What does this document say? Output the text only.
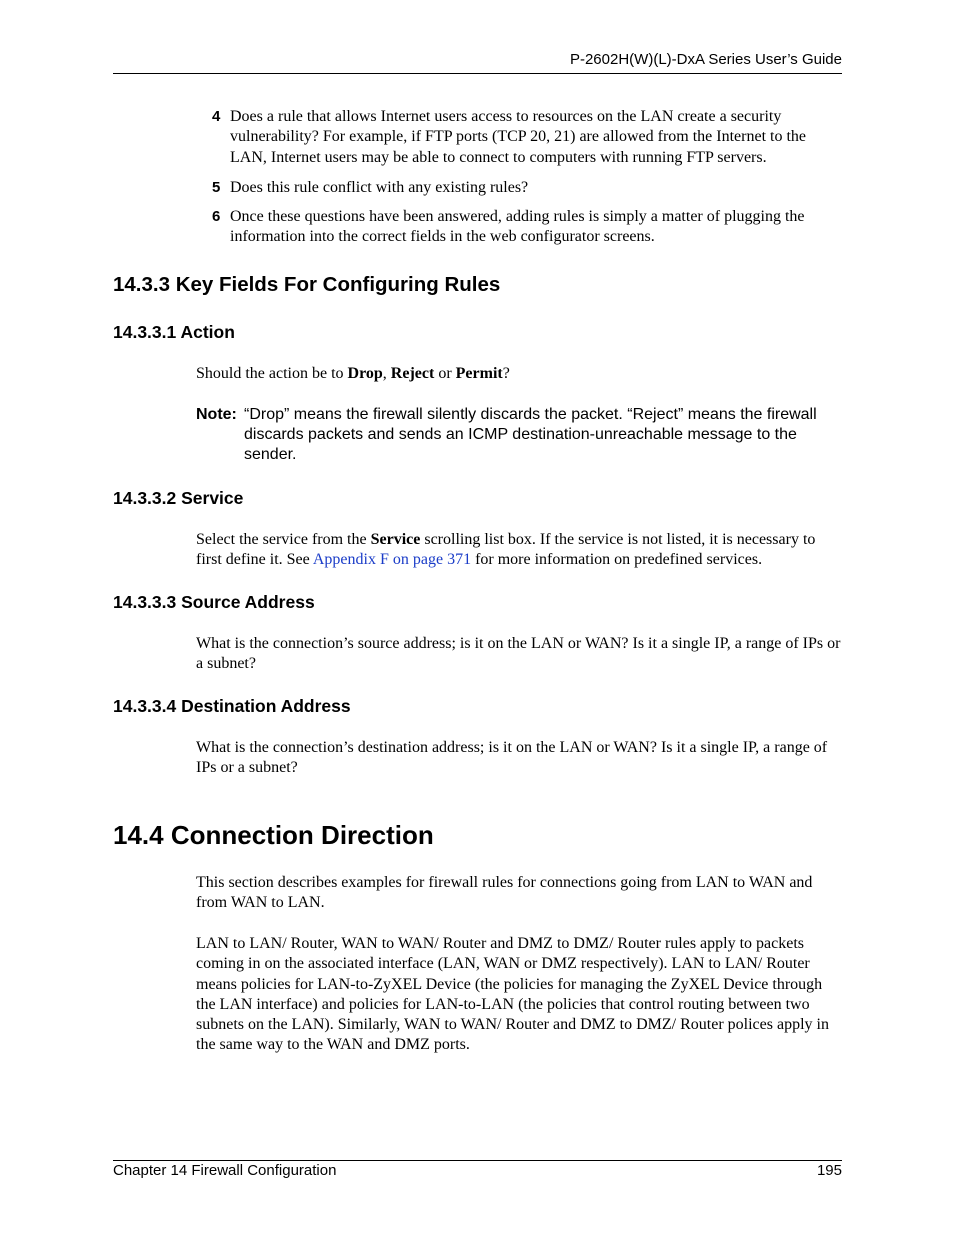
P-2602H(W)(L)-DxA Series User’s Guide
4 Does a rule that allows Internet users access to resources on the LAN create a security vulnerability? For example, if FTP ports (TCP 20, 21) are allowed from the Internet to the LAN, Internet users may be able to connect to computers with running FTP servers.
5 Does this rule conflict with any existing rules?
6 Once these questions have been answered, adding rules is simply a matter of plugging the information into the correct fields in the web configurator screens.
14.3.3 Key Fields For Configuring Rules
14.3.3.1 Action
Should the action be to Drop, Reject or Permit?
Note: “Drop” means the firewall silently discards the packet. “Reject” means the firewall discards packets and sends an ICMP destination-unreachable message to the sender.
14.3.3.2 Service
Select the service from the Service scrolling list box. If the service is not listed, it is necessary to first define it. See Appendix F on page 371 for more information on predefined services.
14.3.3.3 Source Address
What is the connection’s source address; is it on the LAN or WAN? Is it a single IP, a range of IPs or a subnet?
14.3.3.4 Destination Address
What is the connection’s destination address; is it on the LAN or WAN? Is it a single IP, a range of IPs or a subnet?
14.4 Connection Direction
This section describes examples for firewall rules for connections going from LAN to WAN and from WAN to LAN.
LAN to LAN/ Router, WAN to WAN/ Router and DMZ to DMZ/ Router rules apply to packets coming in on the associated interface (LAN, WAN or DMZ respectively). LAN to LAN/ Router means policies for LAN-to-ZyXEL Device (the policies for managing the ZyXEL Device through the LAN interface) and policies for LAN-to-LAN (the policies that control routing between two subnets on the LAN). Similarly, WAN to WAN/ Router and DMZ to DMZ/ Router polices apply in the same way to the WAN and DMZ ports.
Chapter 14 Firewall Configuration	195
